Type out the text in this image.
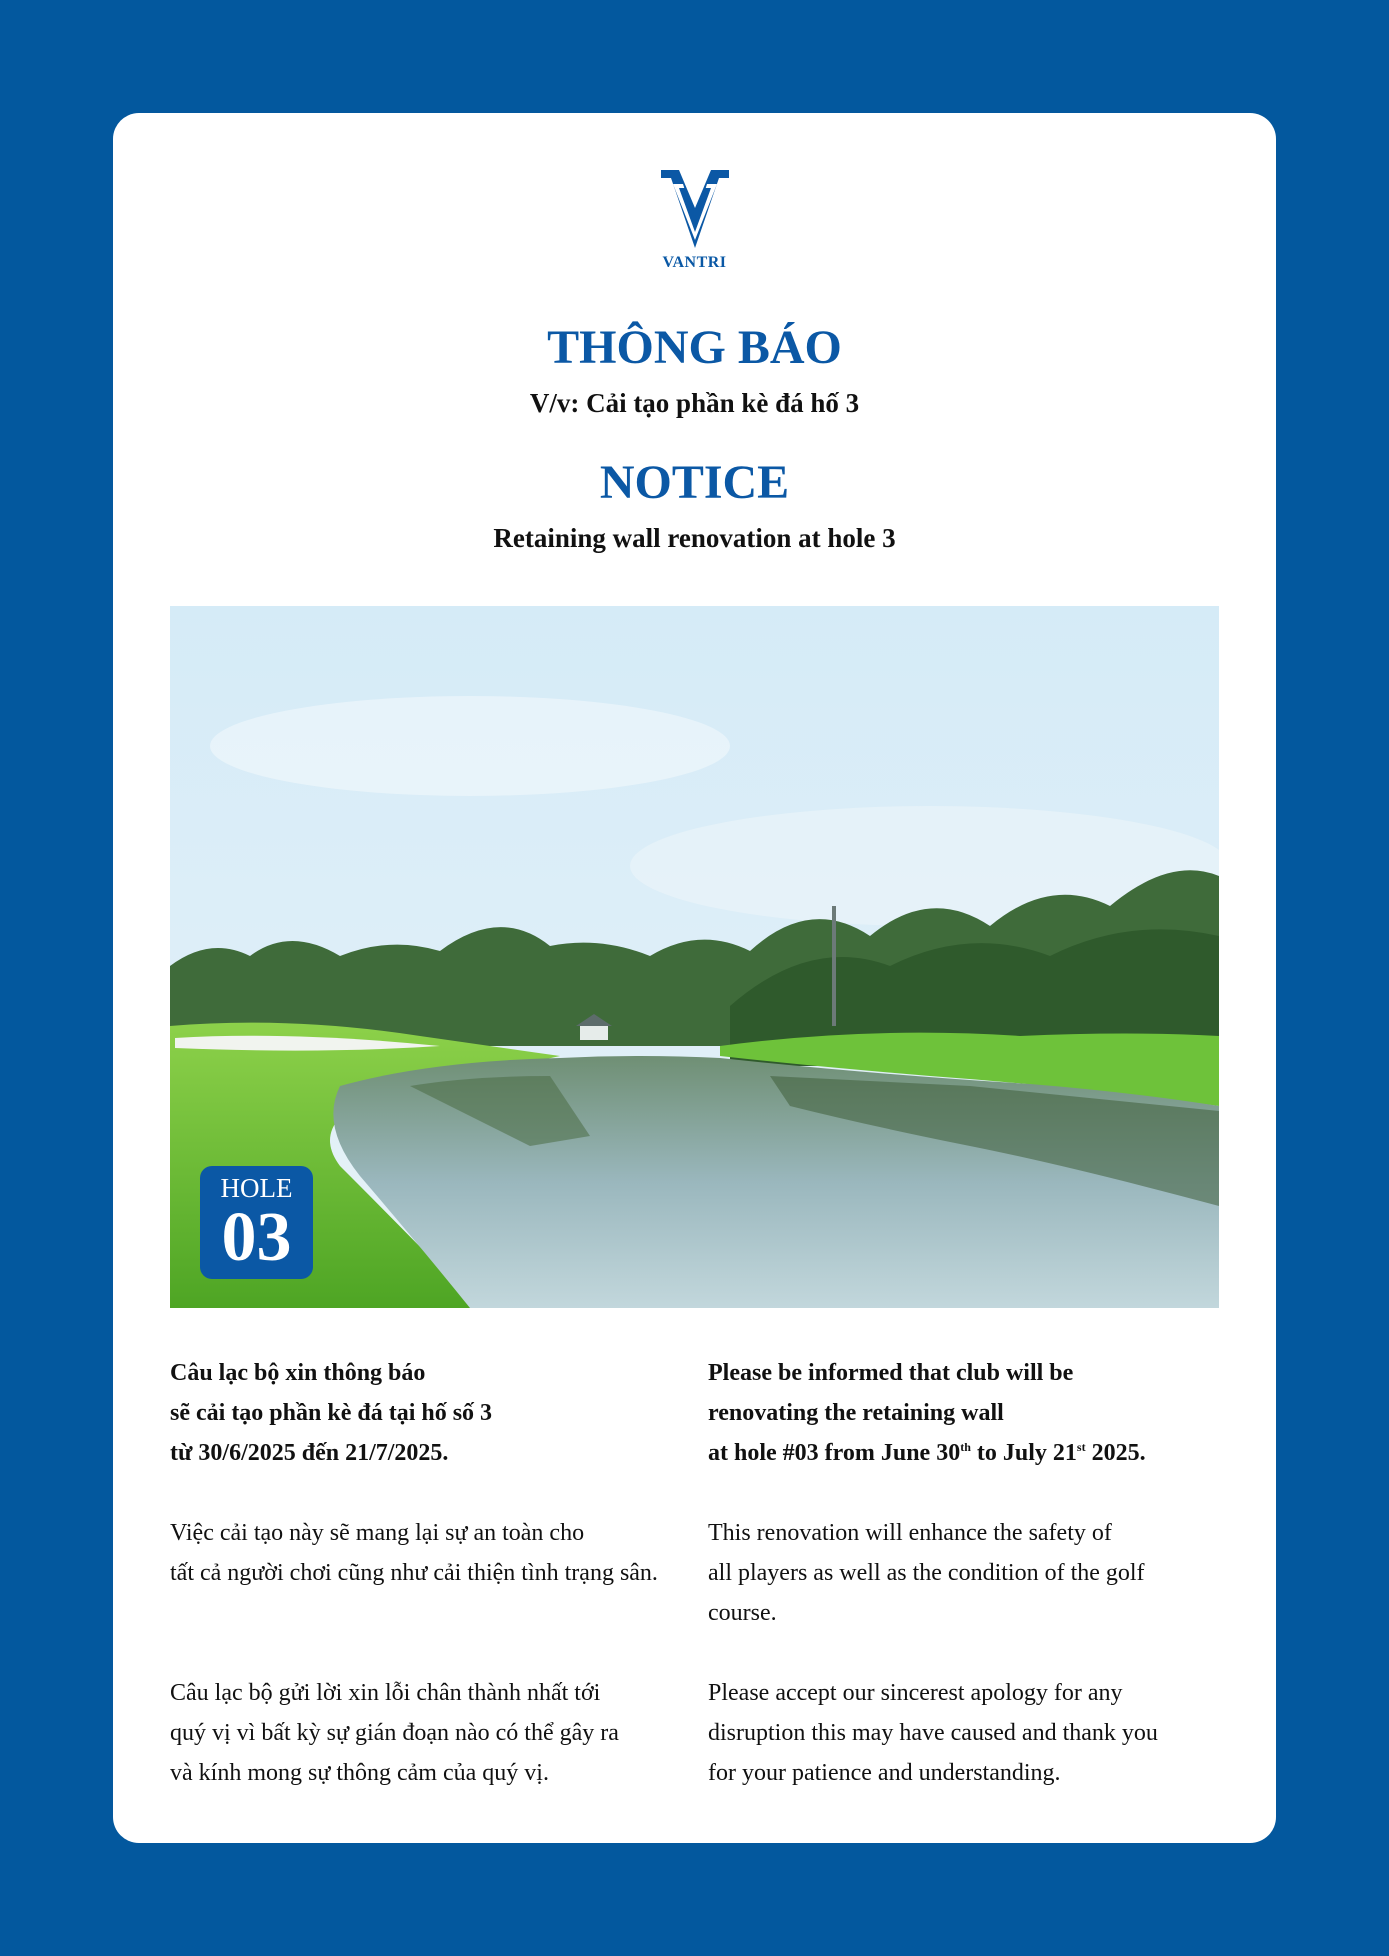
VANTRI
THÔNG BÁO
V/v: Cải tạo phần kè đá hố 3
NOTICE
Retaining wall renovation at hole 3
HOLE
03

Câu lạc bộ xin thông báo

sẽ cải tạo phần kè đá tại hố số 3

từ 30/6/2025 đến 21/7/2025.

Việc cải tạo này sẽ mang lại sự an toàn cho

tất cả người chơi cũng như cải thiện tình trạng sân.

Câu lạc bộ gửi lời xin lỗi chân thành nhất tới

quý vị vì bất kỳ sự gián đoạn nào có thể gây ra

và kính mong sự thông cảm của quý vị.

Please be informed that club will be

renovating the retaining wall

at hole #03 from June 30th to July 21st 2025.

This renovation will enhance the safety of

all players as well as the condition of the golf

course.

Please accept our sincerest apology for any

disruption this may have caused and thank you

for your patience and understanding.
